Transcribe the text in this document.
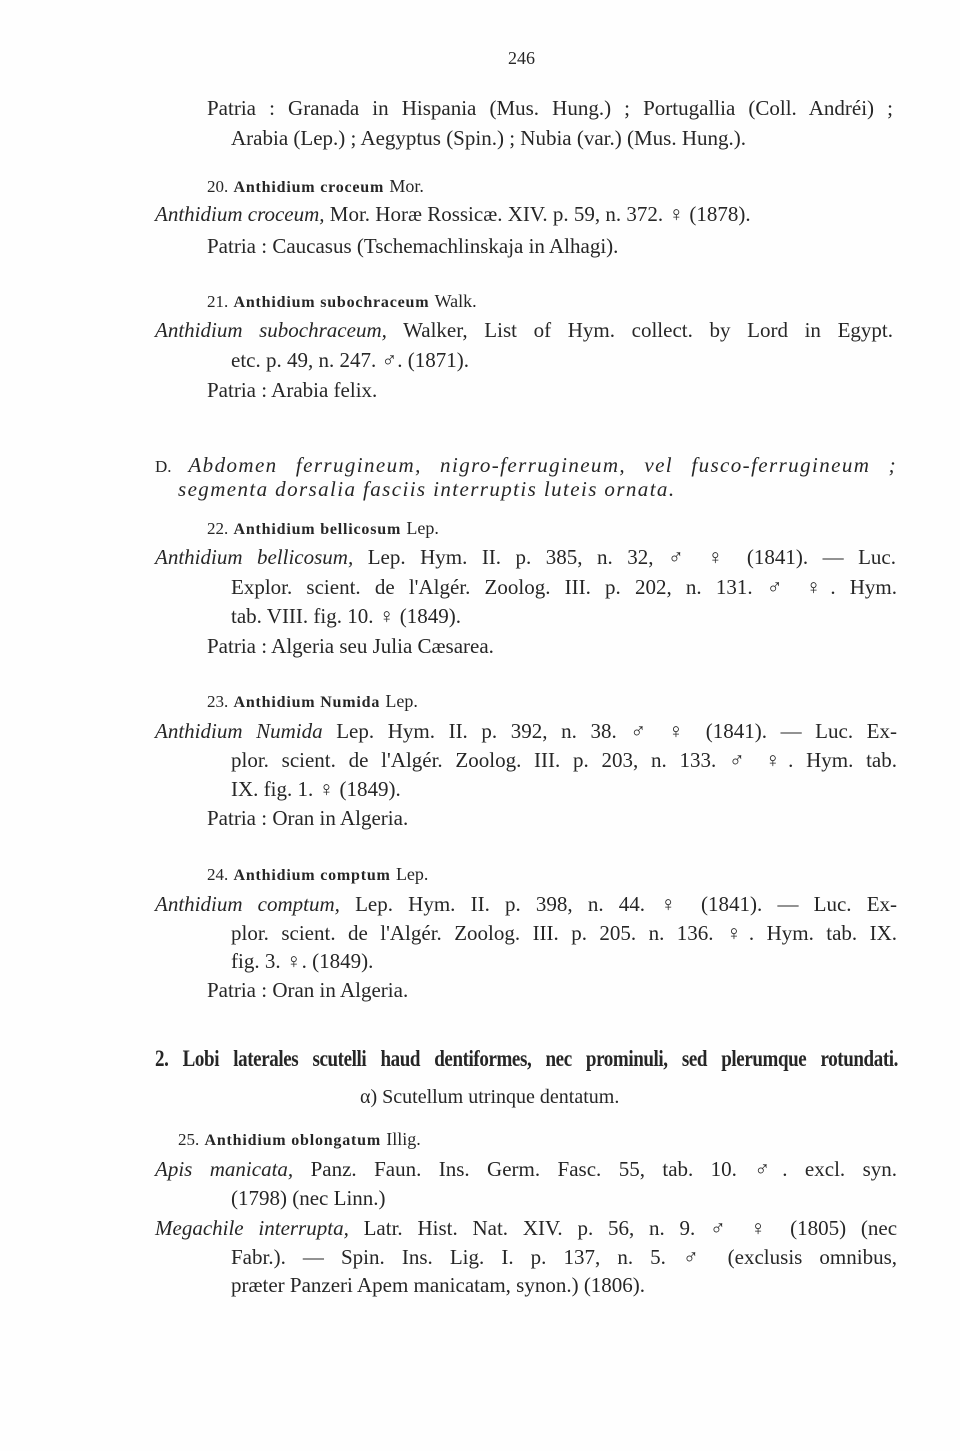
246
Patria : Granada in Hispania (Mus. Hung.) ; Portugallia (Coll. Andréi) ;
Arabia (Lep.) ; Aegyptus (Spin.) ; Nubia (var.) (Mus. Hung.).
20. Anthidium croceum Mor.
Anthidium croceum, Mor. Horæ Rossicæ. XIV. p. 59, n. 372. ♀ (1878).
Patria : Caucasus (Tschemachlinskaja in Alhagi).
21. Anthidium subochraceum Walk.
Anthidium subochraceum, Walker, List of Hym. collect. by Lord in Egypt.
etc. p. 49, n. 247. ♂. (1871).
Patria : Arabia felix.
D. Abdomen ferrugineum, nigro-ferrugineum, vel fusco-ferrugineum ;
segmenta dorsalia fasciis interruptis luteis ornata.
22. Anthidium bellicosum Lep.
Anthidium bellicosum, Lep. Hym. II. p. 385, n. 32, ♂ ♀ (1841). — Luc.
Explor. scient. de l'Algér. Zoolog. III. p. 202, n. 131. ♂ ♀. Hym.
tab. VIII. fig. 10. ♀ (1849).
Patria : Algeria seu Julia Cæsarea.
23. Anthidium Numida Lep.
Anthidium Numida Lep. Hym. II. p. 392, n. 38. ♂ ♀ (1841). — Luc. Ex-
plor. scient. de l'Algér. Zoolog. III. p. 203, n. 133. ♂ ♀. Hym. tab.
IX. fig. 1. ♀ (1849).
Patria : Oran in Algeria.
24. Anthidium comptum Lep.
Anthidium comptum, Lep. Hym. II. p. 398, n. 44. ♀ (1841). — Luc. Ex-
plor. scient. de l'Algér. Zoolog. III. p. 205. n. 136. ♀. Hym. tab. IX.
fig. 3. ♀. (1849).
Patria : Oran in Algeria.
2. Lobi laterales scutelli haud dentiformes, nec prominuli, sed plerumque rotundati.
α) Scutellum utrinque dentatum.
25. Anthidium oblongatum Illig.
Apis manicata, Panz. Faun. Ins. Germ. Fasc. 55, tab. 10. ♂. excl. syn.
(1798) (nec Linn.)
Megachile interrupta, Latr. Hist. Nat. XIV. p. 56, n. 9. ♂ ♀ (1805) (nec
Fabr.). — Spin. Ins. Lig. I. p. 137, n. 5. ♂ (exclusis omnibus,
præter Panzeri Apem manicatam, synon.) (1806).
